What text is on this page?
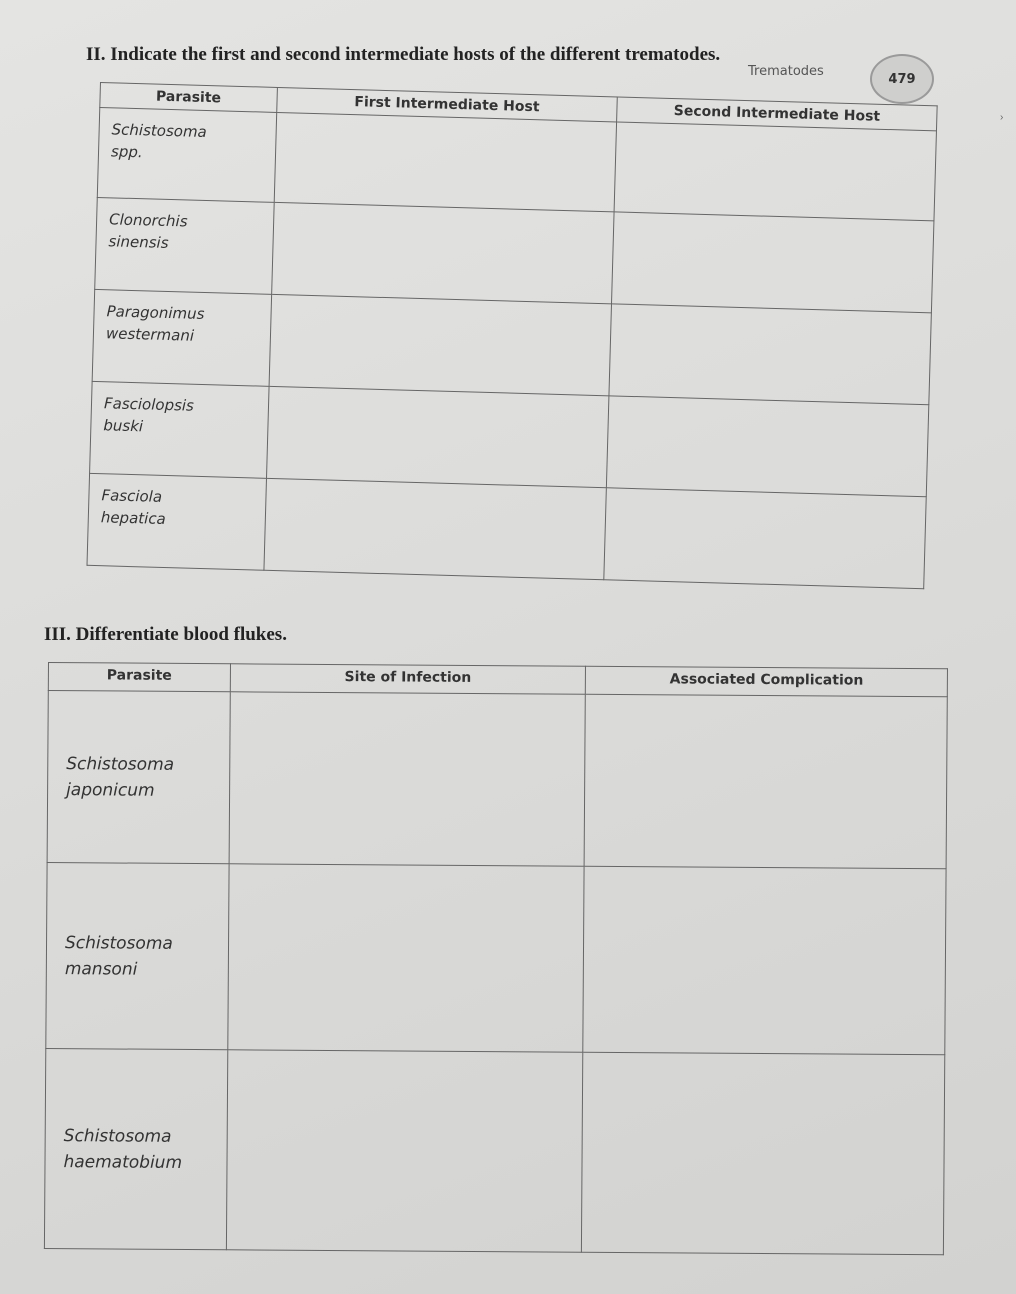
Trematodes	479
›
II. Indicate the first and second intermediate hosts of the different trematodes.
Parasite	First Intermediate Host	Second Intermediate Host

Schistosoma
spp.		

Clonorchis
sinensis		

Paragonimus
westermani		

Fasciolopsis
buski		

Fasciola
hepatica		

III. Differentiate blood flukes.
Parasite	Site of Infection	Associated Complication

Schistosoma
japonicum		

Schistosoma
mansoni		

Schistosoma
haematobium		
